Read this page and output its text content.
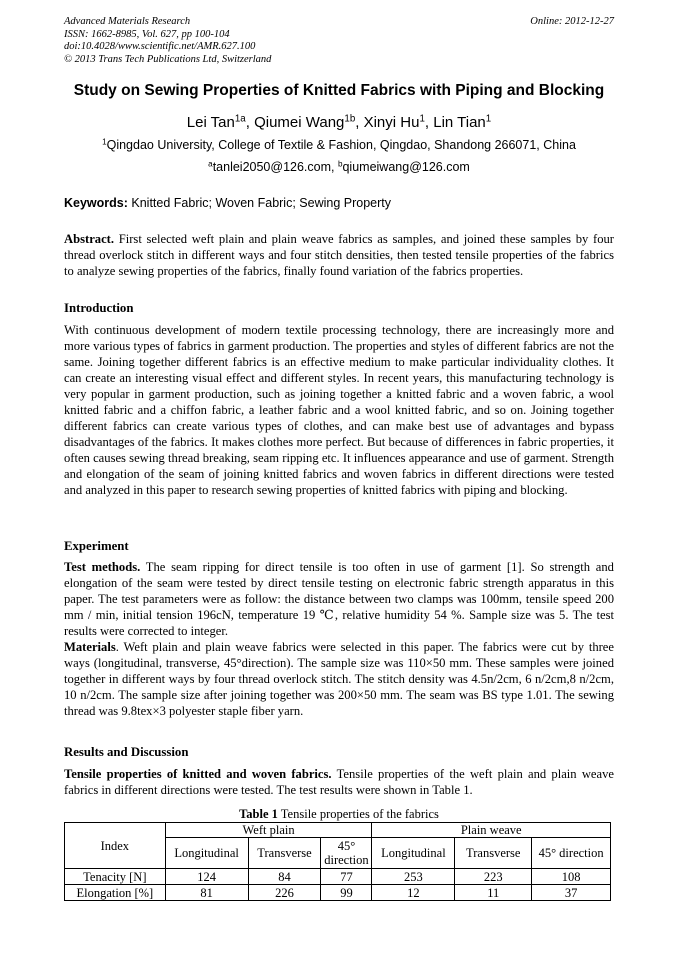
Advanced Materials Research
ISSN: 1662-8985, Vol. 627, pp 100-104
doi:10.4028/www.scientific.net/AMR.627.100
© 2013 Trans Tech Publications Ltd, Switzerland
Online: 2012-12-27
Study on Sewing Properties of Knitted Fabrics with Piping and Blocking
Lei Tan$^{1a}$, Qiumei Wang$^{1b}$, Xinyi Hu$^1$, Lin Tian$^1$
$^1$Qingdao University, College of Textile & Fashion, Qingdao, Shandong 266071, China
$^a$tanlei2050@126.com, $^b$qiumeiwang@126.com
Keywords: Knitted Fabric; Woven Fabric; Sewing Property
Abstract. First selected weft plain and plain weave fabrics as samples, and joined these samples by four thread overlock stitch in different ways and four stitch densities, then tested tensile properties of the fabrics to analyze sewing properties of the fabrics, finally found variation of the fabrics properties.
Introduction
With continuous development of modern textile processing technology, there are increasingly more and more various types of fabrics in garment production. The properties and styles of different fabrics are not the same. Joining together different fabrics is an effective medium to make particular individuality clothes. It can create an interesting visual effect and different styles. In recent years, this manufacturing technology is very popular in garment production, such as joining together a knitted fabric and a woven fabric, a wool knitted fabric and a chiffon fabric, a leather fabric and a wool knitted fabric, and so on. Joining together different fabrics can create various types of clothes, and can make best use of advantages and bypass disadvantages of the fabrics. It makes clothes more perfect. But because of differences in fabric properties, it often causes sewing thread breaking, seam ripping etc. It influences appearance and use of garment. Strength and elongation of the seam of joining knitted fabrics and woven fabrics in different directions were tested and analyzed in this paper to research sewing properties of knitted fabrics with piping and blocking.
Experiment
Test methods. The seam ripping for direct tensile is too often in use of garment [1]. So strength and elongation of the seam were tested by direct tensile testing on electronic fabric strength apparatus in this paper. The test parameters were as follow: the distance between two clamps was 100mm, tensile speed 200 mm / min, initial tension 196cN, temperature 19 ℃, relative humidity 54 %. Sample size was 5. The test results were corrected to integer.
Materials. Weft plain and plain weave fabrics were selected in this paper. The fabrics were cut by three ways (longitudinal, transverse, 45°direction). The sample size was 110×50 mm. These samples were joined together in different ways by four thread overlock stitch. The stitch density was 4.5n/2cm, 6 n/2cm,8 n/2cm, 10 n/2cm. The sample size after joining together was 200×50 mm. The seam was BS type 1.01. The sewing thread was 9.8tex×3 polyester staple fiber yarn.
Results and Discussion
Tensile properties of knitted and woven fabrics. Tensile properties of the weft plain and plain weave fabrics in different directions were tested. The test results were shown in Table 1.
Table 1 Tensile properties of the fabrics
Index	Weft plain			Plain weave		
	Longitudinal	Transverse	45° direction	Longitudinal	Transverse	45° direction
Tenacity [N]	124	84	77	253	223	108
Elongation [%]	81	226	99	12	11	37
